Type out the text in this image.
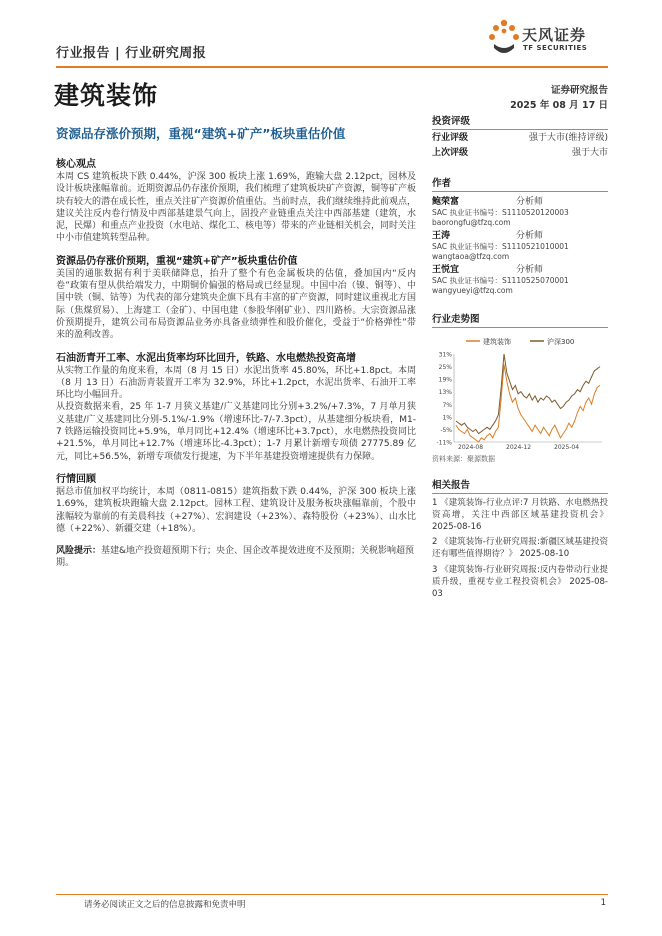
行业报告 | 行业研究周报
天风证券
TF SECURITIES
建筑装饰	证券研究报告
2025 年 08 月 17 日
资源品存涨价预期，重视“建筑+矿产”板块重估价值
核心观点
本周 CS 建筑板块下跌 0.44%，沪深 300 板块上涨 1.69%，跑输大盘 2.12pct，园林及设计板块涨幅靠前。近期资源品仍存涨价预期，我们梳理了建筑板块矿产资源，铜等矿产板块有较大的潜在成长性，重点关注矿产资源价值重估。当前时点，我们继续维持此前观点，建议关注反内卷行情及中西部基建景气向上，固投产业链重点关注中西部基建（建筑，水泥，民爆）和重点产业投资（水电站、煤化工、核电等）带来的产业链相关机会，同时关注中小市值建筑转型品种。
资源品仍存涨价预期，重视“建筑+矿产”板块重估价值
美国的通胀数据有利于美联储降息，抬升了整个有色金属板块的估值，叠加国内“反内卷”政策有望从供给端发力，中期铜价偏强的格局或已经显现。中国中冶（镍、铜等）、中国中铁（铜、钴等）为代表的部分建筑央企旗下具有丰富的矿产资源，同时建议重视北方国际（焦煤贸易）、上海建工（金矿）、中国电建（参股华刚矿业）、四川路桥。大宗资源品涨价预期提升，建筑公司布局资源品业务亦具备业绩弹性和股价催化，受益于“价格弹性”带来的盈利改善。
石油沥青开工率、水泥出货率均环比回升，铁路、水电燃热投资高增
从实物工作量的角度来看，本周（8 月 15 日）水泥出货率 45.80%，环比+1.8pct。本周（8 月 13 日）石油沥青装置开工率为 32.9%，环比+1.2pct，水泥出货率、石油开工率环比均小幅回升。
从投资数据来看，25 年 1-7 月狭义基建/广义基建同比分别+3.2%/+7.3%，7 月单月狭义基建/广义基建同比分别-5.1%/-1.9%（增速环比-7/-7.3pct），从基建细分板块看，M1-7 铁路运输投资同比+5.9%，单月同比+12.4%（增速环比+3.7pct），水电燃热投资同比+21.5%，单月同比+12.7%（增速环比-4.3pct）；1-7 月累计新增专项债 27775.89 亿元，同比+56.5%，新增专项债发行提速，为下半年基建投资增速提供有力保障。
行情回顾
据总市值加权平均统计，本周（0811-0815）建筑指数下跌 0.44%，沪深 300 板块上涨 1.69%，建筑板块跑输大盘 2.12pct。园林工程、建筑设计及服务板块涨幅靠前，个股中涨幅较为靠前的有美晨科技（+27%）、宏润建设（+23%）、森特股份（+23%）、山水比德（+22%）、新疆交建（+18%）。
风险提示：基建&地产投资超预期下行；央企、国企改革提效进度不及预期；关税影响超预期。
投资评级
行业评级	强于大市(维持评级)
上次评级	强于大市
作者
鲍荣富	分析师
SAC 执业证书编号：S1110520120003
baorongfu@tfzq.com
王涛	分析师
SAC 执业证书编号：S1110521010001
wangtaoa@tfzq.com
王悦宜	分析师
SAC 执业证书编号：S1110525070001
wangyueyi@tfzq.com
行业走势图
建筑装饰	沪深300
31%
25%
19%
13%
7%
1%
-5%
-11%
2024-08	2024-12	2025-04
资料来源：聚源数据
相关报告
1 《建筑装饰-行业点评:7 月铁路、水电燃热投资高增，关注中西部区域基建投资机会》 2025-08-16
2 《建筑装饰-行业研究周报:新疆区域基建投资还有哪些值得期待？》 2025-08-10
3 《建筑装饰-行业研究周报:反内卷带动行业提质升级，重视专业工程投资机会》 2025-08-03
请务必阅读正文之后的信息披露和免责申明	1
